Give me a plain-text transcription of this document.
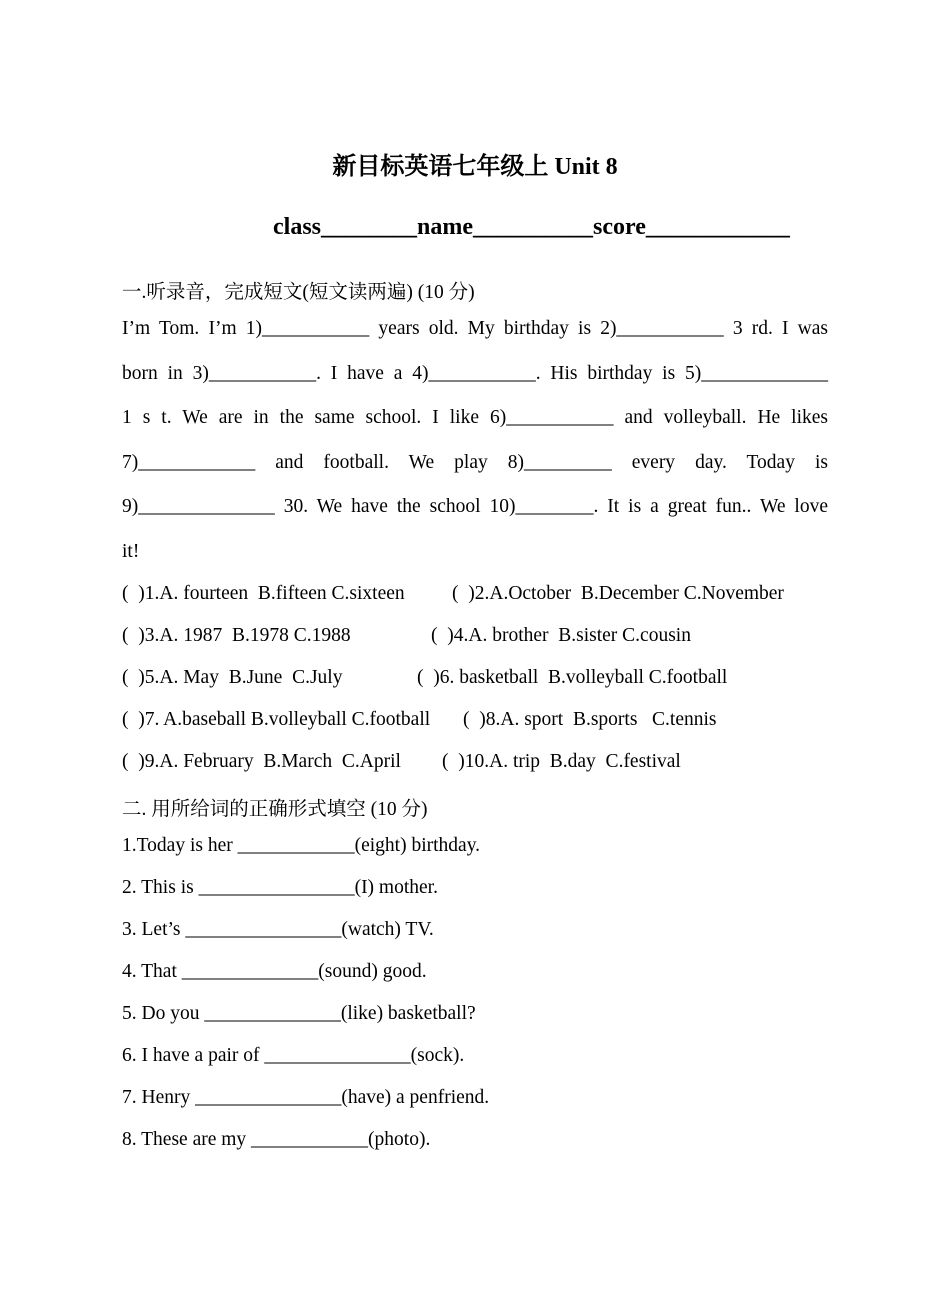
新目标英语七年级上 Unit 8
class________name__________score____________
一.听录音，完成短文(短文读两遍) (10 分)
I’m Tom. I’m 1)___________ years old. My birthday is 2)___________ 3 rd. I was
born in 3)___________. I have a 4)___________. His birthday is 5)_____________
1 s t. We are in the same school. I like 6)___________ and volleyball. He likes
7)____________ and football. We play 8)_________ every day. Today is
9)______________ 30. We have the school 10)________. It is a great fun.. We love
it!
(  )1.A. fourteen  B.fifteen C.sixteen (  )2.A.October  B.December C.November
(  )3.A. 1987  B.1978 C.1988	(  )4.A. brother  B.sister C.cousin
(  )5.A. May  B.June  C.July	(  )6. basketball  B.volleyball C.football
(  )7. A.baseball B.volleyball C.football (  )8.A. sport  B.sports   C.tennis
(  )9.A. February  B.March  C.April (  )10.A. trip  B.day  C.festival
二. 用所给词的正确形式填空 (10 分)
1.Today is her ____________(eight) birthday.
2. This is ________________(I) mother.
3. Let’s ________________(watch) TV.
4. That ______________(sound) good.
5. Do you ______________(like) basketball?
6. I have a pair of _______________(sock).
7. Henry _______________(have) a penfriend.
8. These are my ____________(photo).
